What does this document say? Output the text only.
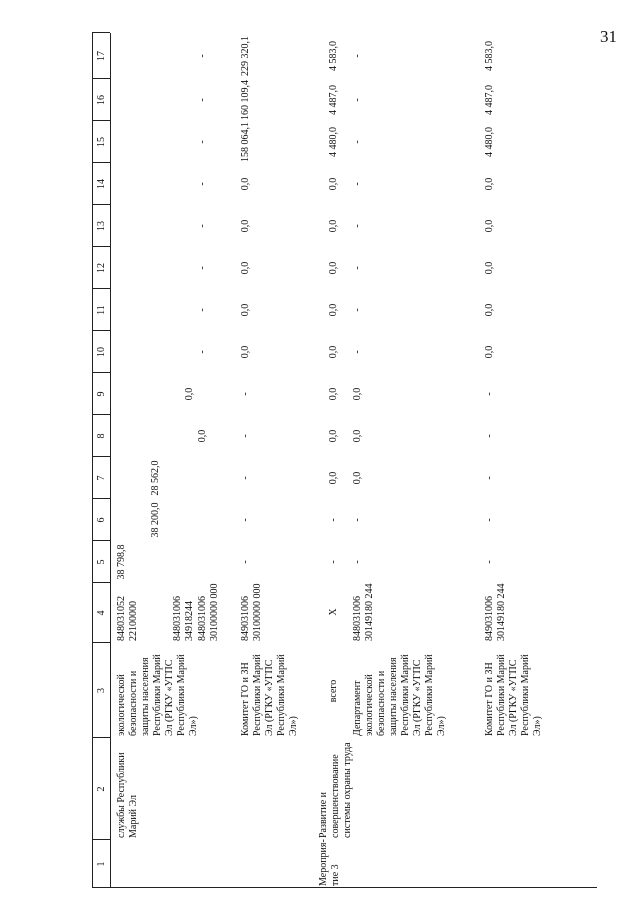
31
1
2
3
4
5
6
7
8
9
10
11
12
13
14
15
16
17
службы Республики Марий Эл
экологической безопасности и защиты населения Республики Марий Эл (РГКУ «УГПС Республики Марий Эл»)
848031052 22100000
38 798,8
848031006 34918244
38 200,0
28 562,0
848031006 30100000 000
0,0
0,0
-
-
-
-
-
-
-
-
Комитет ГО и ЗН Республики Марий Эл (РГКУ «УГПС Республики Марий Эл»)
849031006 30100000 000
-
-
-
-
-
0,0
0,0
0,0
0,0
0,0
158 064,1
160 109,4
229 320,1
Мероприя-тие 3
Развитие и совершенствование системы охраны труда
всего
Х
-
-
0,0
0,0
0,0
0,0
0,0
0,0
0,0
0,0
4 480,0
4 487,0
4 583,0
Департамент экологической безопасности и защиты населения Республики Марий Эл (РГКУ «УГПС Республики Марий Эл»)
848031006 30149180 244
-
-
0,0
0,0
0,0
-
-
-
-
-
-
-
-
Комитет ГО и ЗН Республики Марий Эл (РГКУ «УГПС Республики Марий Эл»)
849031006 30149180 244
-
-
-
-
-
0,0
0,0
0,0
0,0
0,0
4 480,0
4 487,0
4 583,0
